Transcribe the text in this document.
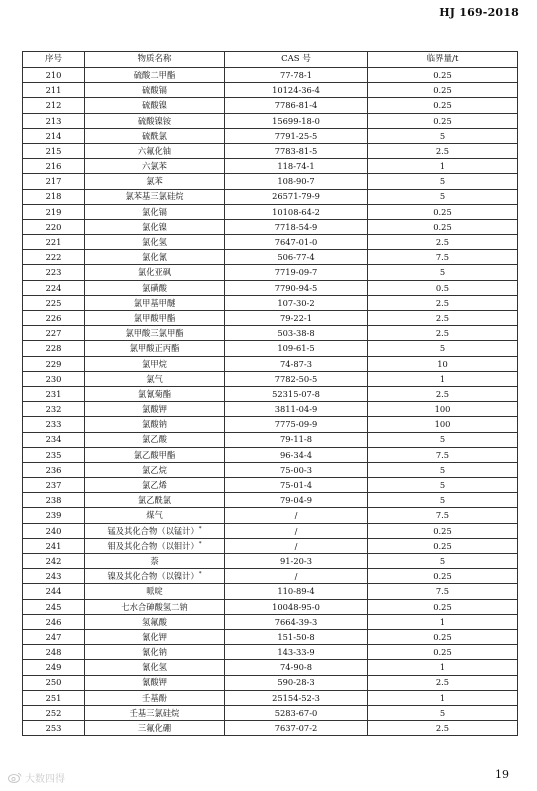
HJ 169-2018
序号	物质名称	CAS 号	临界量/t
210	硫酸二甲酯	77-78-1	0.25
211	硫酸镉	10124-36-4	0.25
212	硫酸镍	7786-81-4	0.25
213	硫酸镍铵	15699-18-0	0.25
214	硫酰氯	7791-25-5	5
215	六氟化铀	7783-81-5	2.5
216	六氯苯	118-74-1	1
217	氯苯	108-90-7	5
218	氯苯基三氯硅烷	26571-79-9	5
219	氯化镉	10108-64-2	0.25
220	氯化镍	7718-54-9	0.25
221	氯化氢	7647-01-0	2.5
222	氯化氰	506-77-4	7.5
223	氯化亚砜	7719-09-7	5
224	氯磺酸	7790-94-5	0.5
225	氯甲基甲醚	107-30-2	2.5
226	氯甲酸甲酯	79-22-1	2.5
227	氯甲酸三氯甲酯	503-38-8	2.5
228	氯甲酸正丙酯	109-61-5	5
229	氯甲烷	74-87-3	10
230	氯气	7782-50-5	1
231	氯氰菊酯	52315-07-8	2.5
232	氯酸钾	3811-04-9	100
233	氯酸钠	7775-09-9	100
234	氯乙酸	79-11-8	5
235	氯乙酸甲酯	96-34-4	7.5
236	氯乙烷	75-00-3	5
237	氯乙烯	75-01-4	5
238	氯乙酰氯	79-04-9	5
239	煤气	/	7.5
240	锰及其化合物（以锰计）*	/	0.25
241	钼及其化合物（以钼计）*	/	0.25
242	萘	91-20-3	5
243	镍及其化合物（以镍计）*	/	0.25
244	哌啶	110-89-4	7.5
245	七水合砷酸氢二钠	10048-95-0	0.25
246	氢氟酸	7664-39-3	1
247	氰化钾	151-50-8	0.25
248	氰化钠	143-33-9	0.25
249	氰化氢	74-90-8	1
250	氰酸钾	590-28-3	2.5
251	壬基酚	25154-52-3	1
252	壬基三氯硅烷	5283-67-0	5
253	三氟化硼	7637-07-2	2.5
大数四得	19
